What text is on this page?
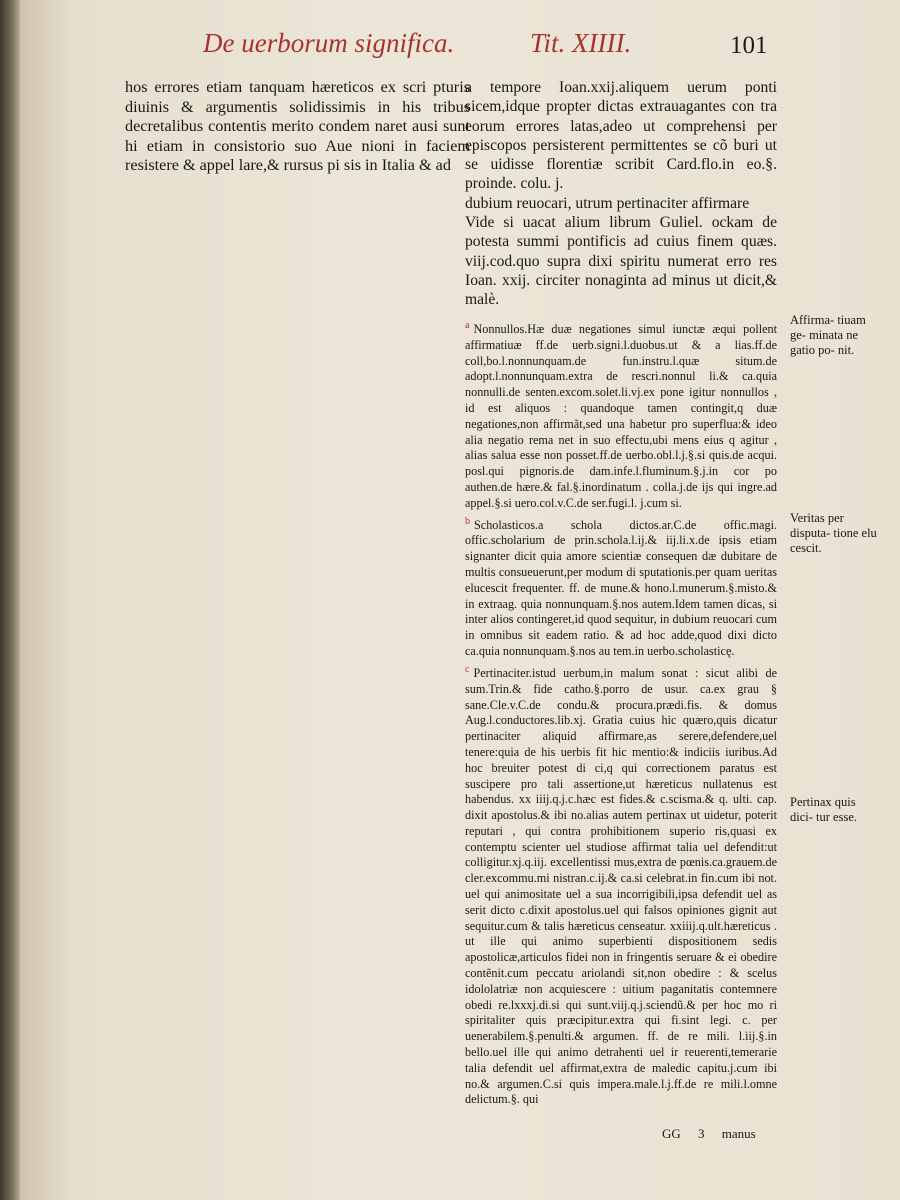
De uerborum significa.	Tit. XIIII.	101

hos errores etiam tanquam hæreticos ex scri pturis diuinis & argumentis solidissimis in his tribus decretalibus contentis merito condem naret ausi sunt hi etiam in consistorio suo Aue nioni in faciem resistere & appel lare,& rursus pi sis in Italia & ad

a tempore Ioan.xxij.aliquem uerum ponti sicem,idque propter dictas extrauagantes con tra eorum errores latas,adeo ut comprehensi per episcopos persisterent permittentes se cõ buri ut se uidisse florentiæ scribit Card.flo.in eo.§. proinde. colu. j.

dubium reuocari, utrum pertinaciter affirmare

Vide si uacat alium librum Guliel. ockam de potesta summi pontificis ad cuius finem quæs. viij.cod.quo supra dixi spiritu numerat erro res Ioan. xxij. circiter nonaginta ad minus ut dicit,& malè.

$^a$ Nonnullos.Hæ duæ negationes simul iunctæ æqui pollent affirmatiuæ ff.de uerb.signi.l.duobus.ut & a lias.ff.de coll,bo.l.nonnunquam.de fun.instru.l.quæ situm.de adopt.l.nonnunquam.extra de rescri.nonnul li.& ca.quia nonnulli.de senten.excom.solet.li.vj.ex pone igitur nonnullos , id est aliquos : quandoque tamen contingit,q duæ negationes,non affirmãt,sed una habetur pro superflua:& ideo alia negatio rema net in suo effectu,ubi mens eius q agitur , alias salua esse non posset.ff.de uerbo.obl.l.j.§.si quis.de acqui. posl.qui pignoris.de dam.infe.l.fluminum.§.j.in cor po authen.de hære.& fal.§.inordinatum . colla.j.de ijs qui ingre.ad appel.§.si uero.col.v.C.de ser.fugi.l. j.cum si.

$^b$ Scholasticos.a schola dictos.ar.C.de offic.magi. offic.scholarium de prin.schola.l.ij.& iij.li.x.de ipsis etiam signanter dicit quia amore scientiæ consequen dæ dubitare de multis consueuerunt,per modum di sputationis.per quam ueritas elucescit frequenter. ff. de mune.& hono.l.munerum.§.misto.& in extraag. quia nonnunquam.§.nos autem.Idem tamen dicas, si inter alios contingeret,id quod sequitur, in dubium reuocari cum in omnibus sit eadem ratio. & ad hoc adde,quod dixi dicto ca.quia nonnunquam.§.nos au tem.in uerbo.scholasticę.

$^c$ Pertinaciter.istud uerbum,in malum sonat : sicut alibi de sum.Trin.& fide catho.§.porro de usur. ca.ex grau § sane.Cle.v.C.de condu.& procura.prædi.fis. & domus Aug.l.conductores.lib.xj. Gratia cuius hic quæro,quis dicatur pertinaciter aliquid affirmare,as serere,defendere,uel tenere:quia de his uerbis fit hic mentio:& indiciis iuribus.Ad hoc breuiter potest di ci,q qui correctionem paratus est suscipere pro tali assertione,ut hæreticus nullatenus est habendus. xx iiij.q.j.c.hæc est fides.& c.scisma.& q. ulti. cap. dixit apostolus.& ibi no.alias autem pertinax ut uidetur, poterit reputari , qui contra prohibitionem superio ris,quasi ex contemptu scienter uel studiose affirmat talia uel defendit:ut colligitur.xj.q.iij. excellentissi mus,extra de pœnis.ca.grauem.de cler.excommu.mi nistran.c.ij.& ca.si celebrat.in fin.cum ibi not. uel qui animositate uel a sua incorrigibili,ipsa defendit uel as serit dicto c.dixit apostolus.uel qui falsos opiniones gignit aut sequitur.cum & talis hæreticus censeatur. xxiiij.q.ult.hæreticus . ut ille qui animo superbienti dispositionem sedis apostolicæ,articulos fidei non in fringentis seruare & ei obedire contẽnit.cum peccatu ariolandi sit,non obedire : & scelus idololatriæ non acquiescere : uitium paganitatis contemnere obedi re.lxxxj.di.si qui sunt.viij.q.j.sciendũ.& per hoc mo ri spiritaliter quis præcipitur.extra qui fi.sint legi. c. per uenerabilem.§.penulti.& argumen. ff. de re mili. l.iij.§.in bello.uel ille qui animo detrahenti uel ir reuerenti,temerarie talia defendit uel affirmat,extra de maledic capitu.j.cum ibi no.& argumen.C.si quis impera.male.l.j.ff.de re mili.l.omne delictum.§. qui

Affirma- tiuam ge- minata ne gatio po- nit.
Veritas per disputa- tione elu cescit.
Pertinax quis dici- tur esse.
GG 3 manus
